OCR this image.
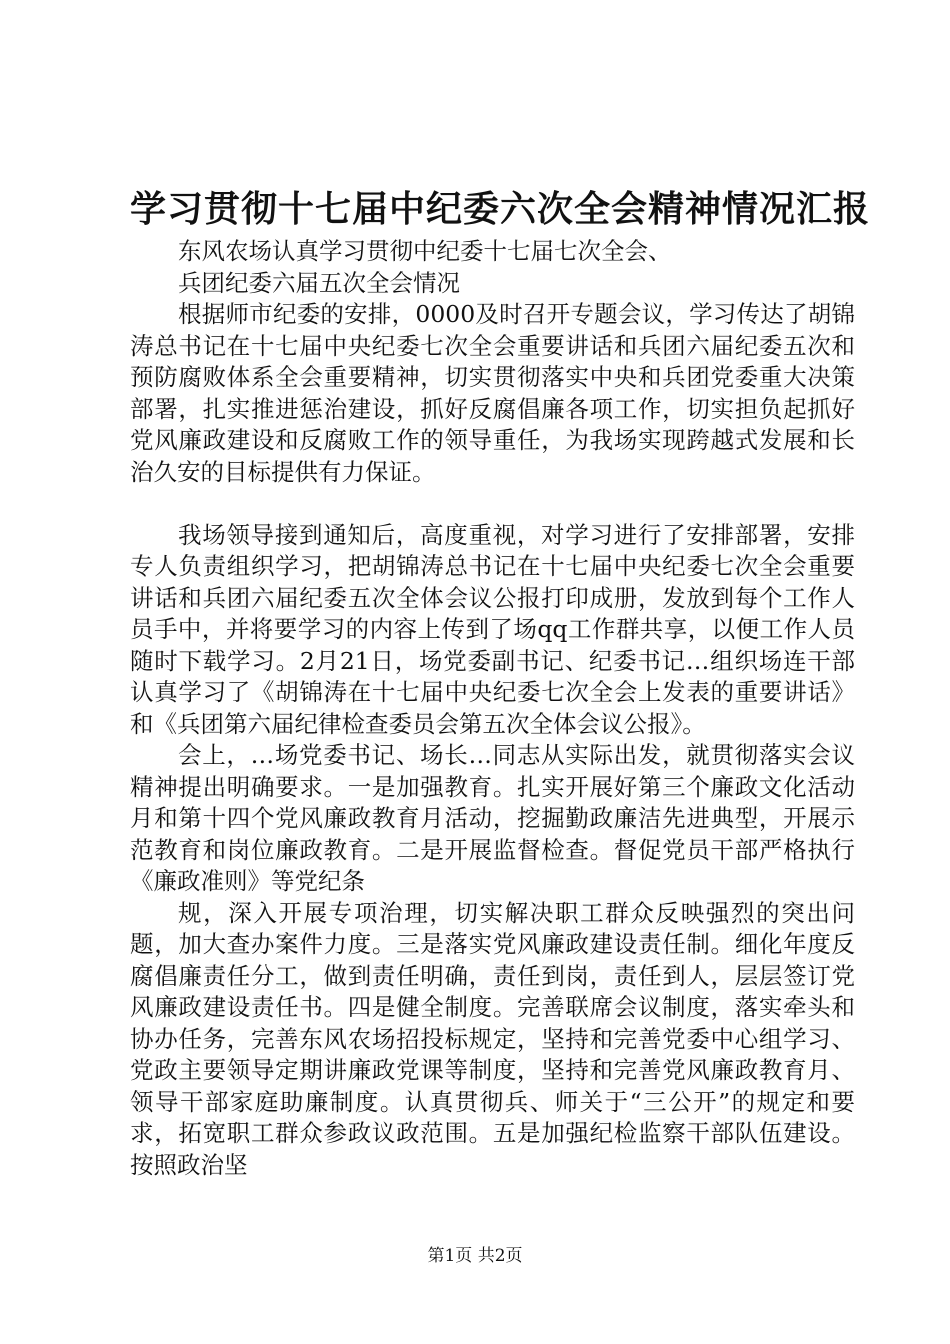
学习贯彻十七届中纪委六次全会精神情况汇报

东风农场认真学习贯彻中纪委十七届七次全会、

兵团纪委六届五次全会情况

根据师市纪委的安排，0000及时召开专题会议，学习传达了胡锦涛总书记在十七届中央纪委七次全会重要讲话和兵团六届纪委五次和预防腐败体系全会重要精神，切实贯彻落实中央和兵团党委重大决策部署，扎实推进惩治建设，抓好反腐倡廉各项工作，切实担负起抓好党风廉政建设和反腐败工作的领导重任，为我场实现跨越式发展和长治久安的目标提供有力保证。

我场领导接到通知后，高度重视，对学习进行了安排部署，安排专人负责组织学习，把胡锦涛总书记在十七届中央纪委七次全会重要讲话和兵团六届纪委五次全体会议公报打印成册，发放到每个工作人员手中，并将要学习的内容上传到了场qq工作群共享，以便工作人员随时下载学习。2月21日，场党委副书记、纪委书记…组织场连干部认真学习了《胡锦涛在十七届中央纪委七次全会上发表的重要讲话》和《兵团第六届纪律检查委员会第五次全体会议公报》。

会上，…场党委书记、场长…同志从实际出发，就贯彻落实会议精神提出明确要求。一是加强教育。扎实开展好第三个廉政文化活动月和第十四个党风廉政教育月活动，挖掘勤政廉洁先进典型，开展示范教育和岗位廉政教育。二是开展监督检查。督促党员干部严格执行《廉政准则》等党纪条

规，深入开展专项治理，切实解决职工群众反映强烈的突出问题，加大查办案件力度。三是落实党风廉政建设责任制。细化年度反腐倡廉责任分工，做到责任明确，责任到岗，责任到人，层层签订党风廉政建设责任书。四是健全制度。完善联席会议制度，落实牵头和协办任务，完善东风农场招投标规定，坚持和完善党委中心组学习、党政主要领导定期讲廉政党课等制度，坚持和完善党风廉政教育月、领导干部家庭助廉制度。认真贯彻兵、师关于“三公开”的规定和要求，拓宽职工群众参政议政范围。五是加强纪检监察干部队伍建设。按照政治坚

第1页 共2页
